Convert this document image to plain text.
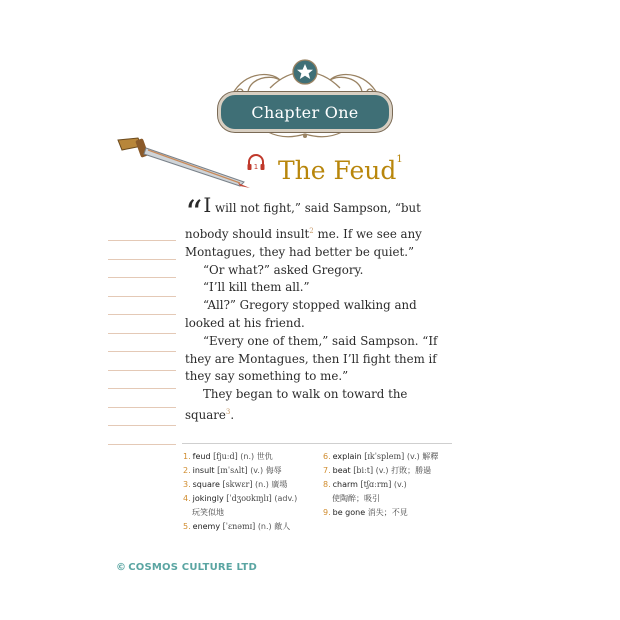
Chapter One
1 The Feud$^1$

“I will not fight,” said Sampson, “but nobody should insult$^2$ me. If we see any Montagues, they had better be quiet.”

“Or what?” asked Gregory.

“I’ll kill them all.”

“All?” Gregory stopped walking and looked at his friend.

“Every one of them,” said Sampson. “If they are Montagues, then I’ll fight them if they say something to me.”

They began to walk on toward the square$^3$.

1. feud [fjuːd] (n.) 世仇
2. insult [ɪnˈsʌlt] (v.) 侮辱
3. square [skwɛr] (n.) 廣場
4. jokingly [ˈdʒoʊkɪŋlɪ] (adv.)
玩笑似地
5. enemy [ˈɛnəmɪ] (n.) 敵人
6. explain [ɪkˈspleɪn] (v.) 解釋
7. beat [biːt] (v.) 打敗；勝過
8. charm [tʃɑːrm] (v.)
使陶醉；吸引
9. be gone 消失；不見
© COSMOS CULTURE LTD
